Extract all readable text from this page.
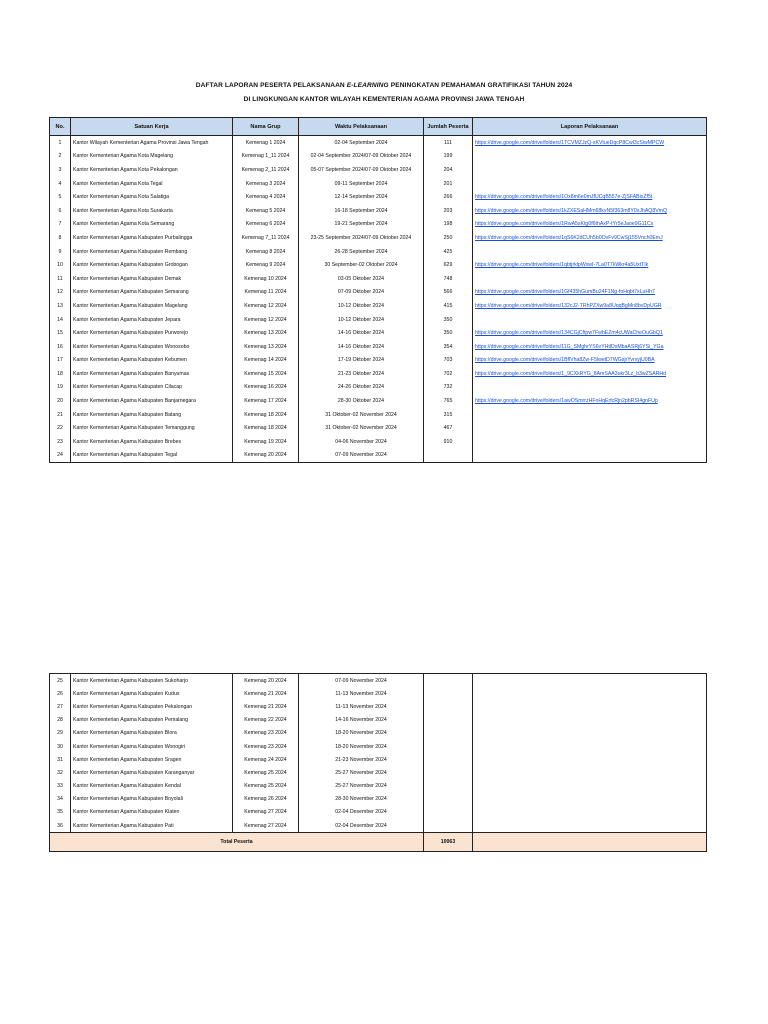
DAFTAR LAPORAN PESERTA PELAKSANAAN E-LEARNING PENINGKATAN PEMAHAMAN GRATIFIKASI TAHUN 2024
DI LINGKUNGAN KANTOR WILAYAH KEMENTERIAN AGAMA PROVINSI JAWA TENGAH
No.	Satuan Kerja	Nama Grup	Waktu Pelaksanaan	Jumlah Peserta	Laporan Pelaksanaan
1	Kantor Wilayah Kementerian Agama Provinsi Jawa Tengah	Kemenag 1 2024	02-04 September 2024	111	https://drive.google.com/drive/folders/1TCVMZJzQ-sKVtueDqcP8Cwl3cSiwMPCW
2	Kantor Kementerian Agama Kota Magelang	Kemenag 1_11 2024	02-04 September 2024/07-09 Oktober 2024	199	
3	Kantor Kementerian Agama Kota Pekalongan	Kemenag 2_11 2024	05-07 September 2024/07-09 Oktober 2024	204	
4	Kantor Kementerian Agama Kota Tegal	Kemenag 3 2024	09-11 September 2024	201	
5	Kantor Kementerian Agama Kota Salatiga	Kemenag 4 2024	12-14 September 2024	266	https://drive.google.com/drive/folders/1Ox8m6e0mJfUCqB557e-ZjSFABixZf5t
6	Kantor Kementerian Agama Kota Surakarta	Kemenag 5 2024	16-18 September 2024	203	https://drive.google.com/drive/folders/1kZXESaHMm68kvN5f363m8Y0xJhAQ8VmQ
7	Kantor Kementerian Agama Kota Semarang	Kemenag 6 2024	19-21 September 2024	198	https://drive.google.com/drive/folders/1RwA5sKtg0f6thAxP-tYr5eJaoe9G11Cs
8	Kantor Kementerian Agama Kabupaten Purbalingga	Kemenag 7_11 2024	23-25 September 2024/07-09 Oktober 2024	250	https://drive.google.com/drive/folders/1qS6K2dCUh5b0OvFv9CwSj155Vnch0EmJ
9	Kantor Kementerian Agama Kabupaten Rembang	Kemenag 8 2024	26-28 September 2024	425	
10	Kantor Kementerian Agama Kabupaten Grobogan	Kemenag 9 2024	30 September-02 Oktober 2024	629	https://drive.google.com/drive/folders/1qbtjrklpWxwI-7La0T7kWkr4a5UxtTIk
11	Kantor Kementerian Agama Kabupaten Demak	Kemenag 10 2024	03-05 Oktober 2024	748	
12	Kantor Kementerian Agama Kabupaten Semarang	Kemenag 11 2024	07-09 Oktober 2024	566	https://drive.google.com/drive/folders/1Gf435hGumBu24F1Ng-foHqbt7xLuHh7
13	Kantor Kementerian Agama Kabupaten Magelang	Kemenag 12 2024	10-12 Oktober 2024	415	https://drive.google.com/drive/folders/132cJ2-TRhPZXw9a8UqqBgMn8bvDpUGR
14	Kantor Kementerian Agama Kabupaten Jepara	Kemenag 12 2024	10-12 Oktober 2024	350	
15	Kantor Kementerian Agama Kabupaten Purworejo	Kemenag 13 2024	14-16 Oktober 2024	350	https://drive.google.com/drive/folders/134CGjCftpw7FwhEZm4cUWaCheOuGbQ1
16	Kantor Kementerian Agama Kabupaten Wonosobo	Kemenag 13 2024	14-16 Oktober 2024	354	https://drive.google.com/drive/folders/11G_SMghrYS6vYHtlDxMbaASRj6YSi_YGa
17	Kantor Kementerian Agama Kabupaten Kebumen	Kemenag 14 2024	17-19 Oktober 2024	703	https://drive.google.com/drive/folders/1BflVha8Zw-F5lwetD7WGsjrYvrxyjU0BA
18	Kantor Kementerian Agama Kabupaten Banyumas	Kemenag 15 2024	21-23 Oktober 2024	702	https://drive.google.com/drive/folders/1_9CXkRYG_8AmSAA3ukr3Lz_b3wZSARHd
19	Kantor Kementerian Agama Kabupaten Cilacap	Kemenag 16 2024	24-26 Oktober 2024	732	
20	Kantor Kementerian Agama Kabupaten Banjarnegara	Kemenag 17 2024	28-30 Oktober 2024	765	https://drive.google.com/drive/folders/1awOSmrrzHFnHqErfcRjn2pbRSI4gnFUp
21	Kantor Kementerian Agama Kabupaten Batang	Kemenag 18 2024	31 Oktober-02 November 2024	315	
22	Kantor Kementerian Agama Kabupaten Temanggung	Kemenag 18 2024	31 Oktober-02 November 2024	467	
23	Kantor Kementerian Agama Kabupaten Brebes	Kemenag 19 2024	04-06 November 2024	910	
24	Kantor Kementerian Agama Kabupaten Tegal	Kemenag 20 2024	07-09 November 2024		
25	Kantor Kementerian Agama Kabupaten Sukoharjo	Kemenag 20 2024	07-09 November 2024		
26	Kantor Kementerian Agama Kabupaten Kudus	Kemenag 21 2024	11-13 November 2024		
27	Kantor Kementerian Agama Kabupaten Pekalongan	Kemenag 21 2024	11-13 November 2024		
28	Kantor Kementerian Agama Kabupaten Pemalang	Kemenag 22 2024	14-16 November 2024		
29	Kantor Kementerian Agama Kabupaten Blora	Kemenag 23 2024	18-20 November 2024		
30	Kantor Kementerian Agama Kabupaten Wonogiri	Kemenag 23 2024	18-20 November 2024		
31	Kantor Kementerian Agama Kabupaten Sragen	Kemenag 24 2024	21-23 November 2024		
32	Kantor Kementerian Agama Kabupaten Karanganyar	Kemenag 25 2024	25-27 November 2024		
33	Kantor Kementerian Agama Kabupaten Kendal	Kemenag 25 2024	25-27 November 2024		
34	Kantor Kementerian Agama Kabupaten Boyolali	Kemenag 26 2024	28-30 November 2024		
35	Kantor Kementerian Agama Kabupaten Klaten	Kemenag 27 2024	02-04 Desember 2024		
36	Kantor Kementerian Agama Kabupaten Pati	Kemenag 27 2024	02-04 Desember 2024		
Total Peserta				10063	
